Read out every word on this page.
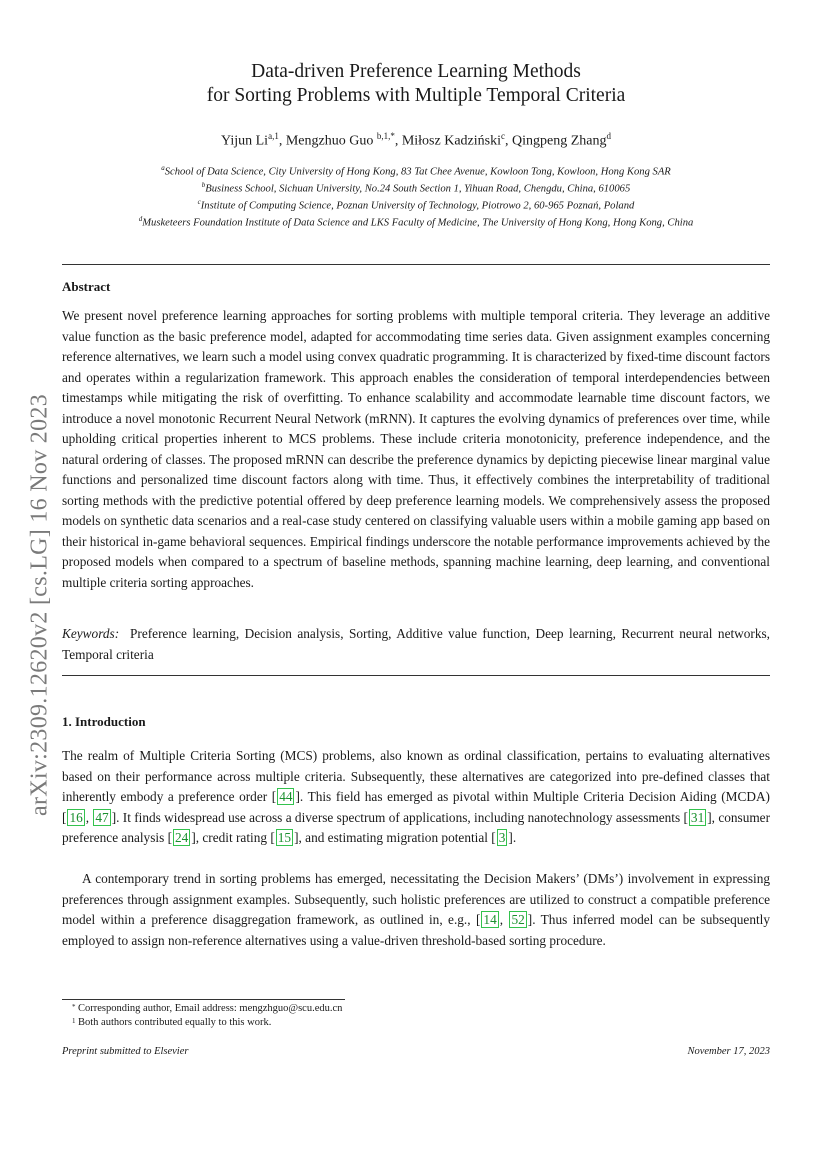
arXiv:2309.12620v2 [cs.LG] 16 Nov 2023
Data-driven Preference Learning Methods
for Sorting Problems with Multiple Temporal Criteria
Yijun Li$^{a,1}$, Mengzhuo Guo $^{b,1,*}$, Miłosz Kadziński$^c$, Qingpeng Zhang$^d$
$^a$School of Data Science, City University of Hong Kong, 83 Tat Chee Avenue, Kowloon Tong, Kowloon, Hong Kong SAR
$^b$Business School, Sichuan University, No.24 South Section 1, Yihuan Road, Chengdu, China, 610065
$^c$Institute of Computing Science, Poznan University of Technology, Piotrowo 2, 60-965 Poznań, Poland
$^d$Musketeers Foundation Institute of Data Science and LKS Faculty of Medicine, The University of Hong Kong, Hong Kong, China
Abstract
We present novel preference learning approaches for sorting problems with multiple temporal criteria. They leverage an additive value function as the basic preference model, adapted for accommodating time series data. Given assignment examples concerning reference alternatives, we learn such a model using convex quadratic programming. It is characterized by fixed-time discount factors and operates within a regularization framework. This approach enables the consideration of temporal interdependencies between timestamps while mitigating the risk of overfitting. To enhance scalability and accommodate learnable time discount factors, we introduce a novel monotonic Recurrent Neural Network (mRNN). It captures the evolving dynamics of preferences over time, while upholding critical properties inherent to MCS problems. These include criteria monotonicity, preference independence, and the natural ordering of classes. The proposed mRNN can describe the preference dynamics by depicting piecewise linear marginal value functions and personalized time discount factors along with time. Thus, it effectively combines the interpretability of traditional sorting methods with the predictive potential offered by deep preference learning models. We comprehensively assess the proposed models on synthetic data scenarios and a real-case study centered on classifying valuable users within a mobile gaming app based on their historical in-game behavioral sequences. Empirical findings underscore the notable performance improvements achieved by the proposed models when compared to a spectrum of baseline methods, spanning machine learning, deep learning, and conventional multiple criteria sorting approaches.
Keywords: Preference learning, Decision analysis, Sorting, Additive value function, Deep learning, Recurrent neural networks, Temporal criteria
1. Introduction
The realm of Multiple Criteria Sorting (MCS) problems, also known as ordinal classification, pertains to evaluating alternatives based on their performance across multiple criteria. Subsequently, these alternatives are categorized into pre-defined classes that inherently embody a preference order [ 44 ]. This field has emerged as pivotal within Multiple Criteria Decision Aiding (MCDA) [ 16 , 47 ]. It finds widespread use across a diverse spectrum of applications, including nanotechnology assessments [ 31 ], consumer preference analysis [ 24 ], credit rating [ 15 ], and estimating migration potential [ 3 ].
A contemporary trend in sorting problems has emerged, necessitating the Decision Makers’ (DMs’) involvement in expressing preferences through assignment examples. Subsequently, such holistic preferences are utilized to construct a compatible preference model within a preference disaggregation framework, as outlined in, e.g., [ 14 , 52 ]. Thus inferred model can be subsequently employed to assign non-reference alternatives using a value-driven threshold-based sorting procedure.
* Corresponding author, Email address: mengzhguo@scu.edu.cn
1 Both authors contributed equally to this work.
Preprint submitted to Elsevier	November 17, 2023
